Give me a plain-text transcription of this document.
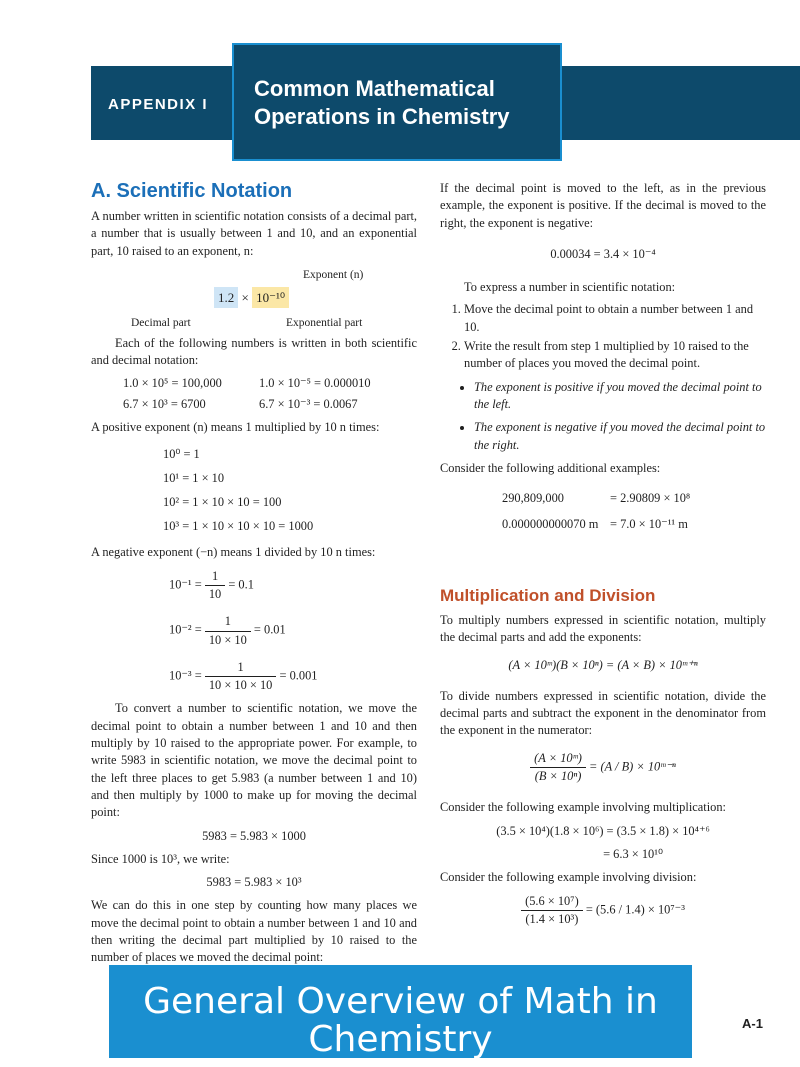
APPENDIX I
Common Mathematical
Operations in Chemistry
A. Scientific Notation

A number written in scientific notation consists of a decimal part, a number that is usually between 1 and 10, and an exponential part, 10 raised to an exponent, n:

Exponent (n)
1.2 × 10⁻¹⁰
Decimal part	Exponential part

Each of the following numbers is written in both scientific and decimal notation:

1.0 × 10⁵ = 100,000	1.0 × 10⁻⁵ = 0.000010
6.7 × 10³ = 6700	6.7 × 10⁻³ = 0.0067

A positive exponent (n) means 1 multiplied by 10 n times:

10⁰ = 1
10¹ = 1 × 10
10² = 1 × 10 × 10 = 100
10³ = 1 × 10 × 10 × 10 = 1000

A negative exponent (−n) means 1 divided by 10 n times:

$10^{-1} = \frac{1}{10} = 0.1$
$10^{-2} = \frac{1}{10 \times 10} = 0.01$
$10^{-3} = \frac{1}{10 \times 10 \times 10} = 0.001$

To convert a number to scientific notation, we move the decimal point to obtain a number between 1 and 10 and then multiply by 10 raised to the appropriate power. For example, to write 5983 in scientific notation, we move the decimal point to the left three places to get 5.983 (a number between 1 and 10) and then multiply by 1000 to make up for moving the decimal point:

5983 = 5.983 × 1000

Since 1000 is 10³, we write:

5983 = 5.983 × 10³

We can do this in one step by counting how many places we move the decimal point to obtain a number between 1 and 10 and then writing the decimal part multiplied by 10 raised to the number of places we moved the decimal point:

If the decimal point is moved to the left, as in the previous example, the exponent is positive. If the decimal is moved to the right, the exponent is negative:

0.00034 = 3.4 × 10⁻⁴

To express a number in scientific notation:

1. Move the decimal point to obtain a number between 1 and 10.
2. Write the result from step 1 multiplied by 10 raised to the number of places you moved the decimal point.
• The exponent is positive if you moved the decimal point to the left.
• The exponent is negative if you moved the decimal point to the right.

Consider the following additional examples:

290,809,000	= 2.90809 × 10⁸
0.000000000070 m = 7.0 × 10⁻¹¹ m
Multiplication and Division

To multiply numbers expressed in scientific notation, multiply the decimal parts and add the exponents:

(A × 10ᵐ)(B × 10ⁿ) = (A × B) × 10ᵐ⁺ⁿ

To divide numbers expressed in scientific notation, divide the decimal parts and subtract the exponent in the denominator from the exponent in the numerator:

$\frac{\text{(A × 10ᵐ)}}{\text{(B × 10ⁿ)}} = (A / B)$ × 10ᵐ⁻ⁿ

Consider the following example involving multiplication:

(3.5 × 10⁴)(1.8 × 10⁶) = (3.5 × 1.8) × 10⁴⁺⁶
= 6.3 × 10¹⁰

Consider the following example involving division:

$\frac{\text{(5.6 × 10⁷)}}{\text{(1.4 × 10³)}} = (5.6 / 1.4) \times 10^{7-3}$
General Overview of Math in Chemistry	A-1
